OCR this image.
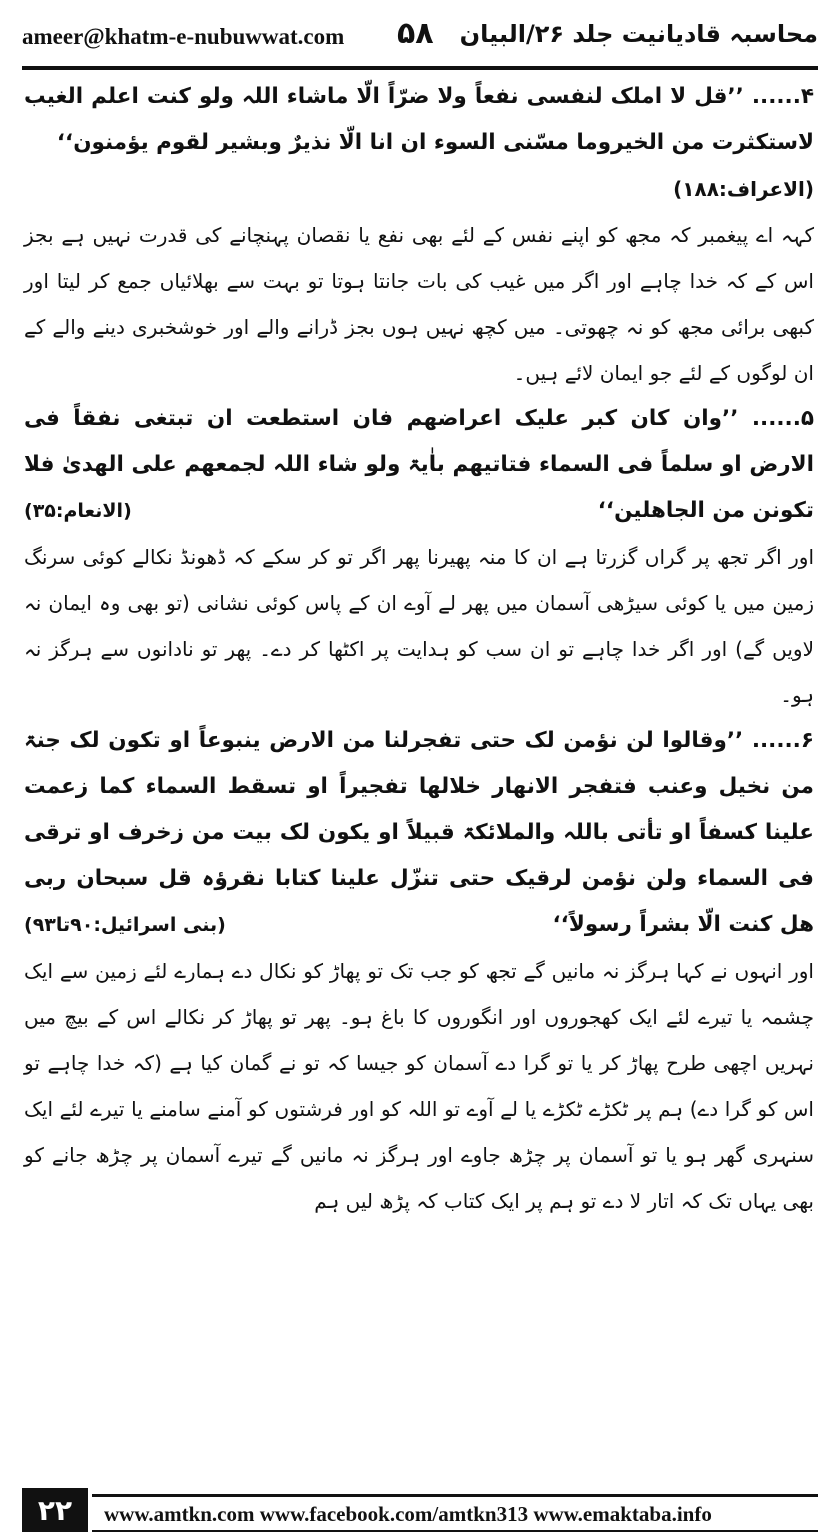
ameer@khatm-e-nubuwwat.com ۵۸ محاسبہ قادیانیت جلد ۲۶/البیان

۴...... ’’قل لا املک لنفسی نفعاً ولا ضرّاً الّا ماشاء اللہ ولو کنت اعلم الغیب لاستکثرت من الخیروما مسّنی السوء ان انا الّا نذیرٌ وبشیر لقوم یؤمنون‘‘

(الاعراف:۱۸۸)

کہہ اے پیغمبر کہ مجھ کو اپنے نفس کے لئے بھی نفع یا نقصان پہنچانے کی قدرت نہیں ہے بجز اس کے کہ خدا چاہے اور اگر میں غیب کی بات جانتا ہوتا تو بہت سے بھلائیاں جمع کر لیتا اور کبھی برائی مجھ کو نہ چھوتی۔ میں کچھ نہیں ہوں بجز ڈرانے والے اور خوشخبری دینے والے کے ان لوگوں کے لئے جو ایمان لائے ہیں۔

۵...... ’’وان کان کبر علیک اعراضھم فان استطعت ان تبتغی نفقاً فی الارض او سلماً فی السماء فتاتیھم باٰیۃ ولو شاء اللہ لجمعھم علی الھدیٰ فلا تکونن من الجاھلین‘‘
(الانعام:۳۵)

اور اگر تجھ پر گراں گزرتا ہے ان کا منہ پھیرنا پھر اگر تو کر سکے کہ ڈھونڈ نکالے کوئی سرنگ زمین میں یا کوئی سیڑھی آسمان میں پھر لے آوے ان کے پاس کوئی نشانی (تو بھی وہ ایمان نہ لاویں گے) اور اگر خدا چاہے تو ان سب کو ہدایت پر اکٹھا کر دے۔ پھر تو نادانوں سے ہرگز نہ ہو۔

۶...... ’’وقالوا لن نؤمن لک حتی تفجرلنا من الارض ینبوعاً او تکون لک جنۃ من نخیل وعنب فتفجر الانھار خلالھا تفجیراً او تسقط السماء کما زعمت علینا کسفاً او تأتی باللہ والملائکۃ قبیلاً او یکون لک بیت من زخرف او ترقی فی السماء ولن نؤمن لرقیک حتی تنزّل علینا کتابا نقرؤہ قل سبحان ربی ھل کنت الّا بشراً رسولاً‘‘
(بنی اسرائیل:۹۰تا۹۳)

اور انہوں نے کہا ہرگز نہ مانیں گے تجھ کو جب تک تو پھاڑ کو نکال دے ہمارے لئے زمین سے ایک چشمہ یا تیرے لئے ایک کھجوروں اور انگوروں کا باغ ہو۔ پھر تو پھاڑ کر نکالے اس کے بیچ میں نہریں اچھی طرح پھاڑ کر یا تو گرا دے آسمان کو جیسا کہ تو نے گمان کیا ہے (کہ خدا چاہے تو اس کو گرا دے) ہم پر ٹکڑے ٹکڑے یا لے آوے تو اللہ کو اور فرشتوں کو آمنے سامنے یا تیرے لئے ایک سنہری گھر ہو یا تو آسمان پر چڑھ جاوے اور ہرگز نہ مانیں گے تیرے آسمان پر چڑھ جانے کو بھی یہاں تک کہ اتار لا دے تو ہم پر ایک کتاب کہ پڑھ لیں ہم

۲۲	www.amtkn.com www.facebook.com/amtkn313 www.emaktaba.info
